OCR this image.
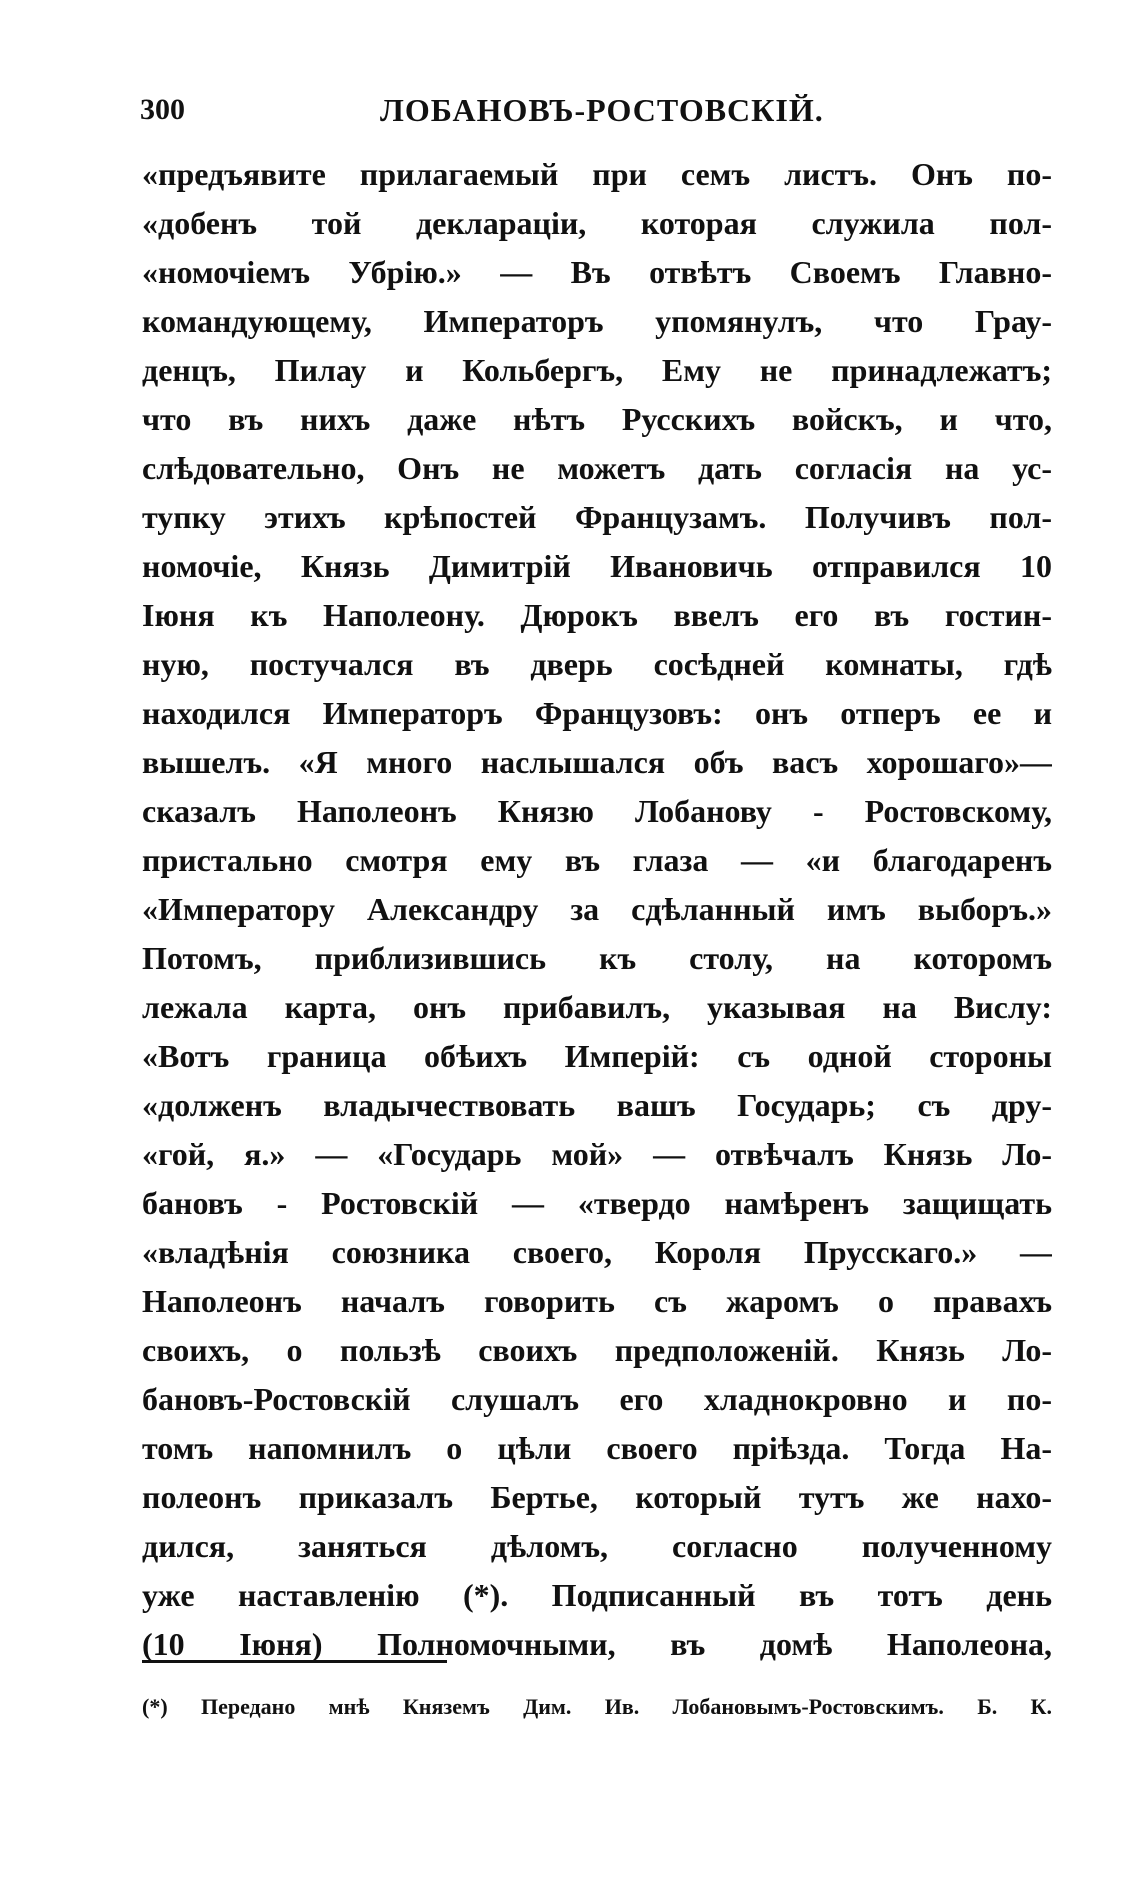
300	ЛОБАНОВЪ-РОСТОВСКІЙ.
«предъявите прилагаемый при семъ листъ. Онъ по-
«добенъ той деклараціи, которая служила пол-
«номочіемъ Убрію.» — Въ отвѣтъ Своемъ Главно-
командующему, Императоръ упомянулъ, что Грау-
денцъ, Пилау и Кольбергъ, Ему не принадлежатъ;
что въ нихъ даже нѣтъ Русскихъ войскъ, и что,
слѣдовательно, Онъ не можетъ дать согласія на ус-
тупку этихъ крѣпостей Французамъ. Получивъ пол-
номочіе, Князь Димитрій Ивановичь отправился 10
Іюня къ Наполеону. Дюрокъ ввелъ его въ гостин-
ную, постучался въ дверь сосѣдней комнаты, гдѣ
находился Императоръ Французовъ: онъ отперъ ее и
вышелъ. «Я много наслышался объ васъ хорошаго»—
сказалъ Наполеонъ Князю Лобанову - Ростовскому,
пристально смотря ему въ глаза — «и благодаренъ
«Императору Александру за сдѣланный имъ выборъ.»
Потомъ, приблизившись къ столу, на которомъ
лежала карта, онъ прибавилъ, указывая на Вислу:
«Вотъ граница обѣихъ Имперій: съ одной стороны
«долженъ владычествовать вашъ Государь; съ дру-
«гой, я.» — «Государь мой» — отвѣчалъ Князь Ло-
бановъ - Ростовскій — «твердо намѣренъ защищать
«владѣнія союзника своего, Короля Прусскаго.» —
Наполеонъ началъ говорить съ жаромъ о правахъ
своихъ, о пользѣ своихъ предположеній. Князь Ло-
бановъ-Ростовскій слушалъ его хладнокровно и по-
томъ напомнилъ о цѣли своего пріѣзда. Тогда На-
полеонъ приказалъ Бертье, который тутъ же нахо-
дился, заняться дѣломъ, согласно полученному
уже наставленію (*). Подписанный въ тотъ день
(10 Іюня) Полномочными, въ домѣ Наполеона,
(*) Передано мнѣ Княземъ Дим. Ив. Лобановымъ-Ростовскимъ. Б. К.
